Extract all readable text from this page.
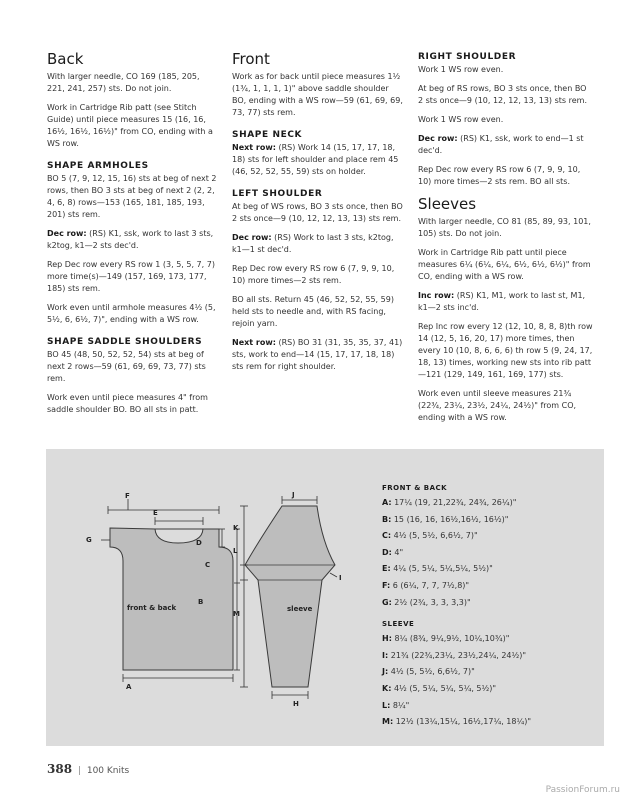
Back

With larger needle, CO 169 (185, 205, 221, 241, 257) sts. Do not join.

Work in Cartridge Rib patt (see Stitch Guide) until piece measures 15 (16, 16, 16½, 16½, 16½)" from CO, ending with a WS row.

SHAPE ARMHOLES

BO 5 (7, 9, 12, 15, 16) sts at beg of next 2 rows, then BO 3 sts at beg of next 2 (2, 2, 4, 6, 8) rows—153 (165, 181, 185, 193, 201) sts rem.

Dec row: (RS) K1, ssk, work to last 3 sts, k2tog, k1—2 sts dec'd.

Rep Dec row every RS row 1 (3, 5, 5, 7, 7) more time(s)—149 (157, 169, 173, 177, 185) sts rem.

Work even until armhole measures 4½ (5, 5½, 6, 6½, 7)", ending with a WS row.

SHAPE SADDLE SHOULDERS

BO 45 (48, 50, 52, 52, 54) sts at beg of next 2 rows—59 (61, 69, 69, 73, 77) sts rem.

Work even until piece measures 4" from saddle shoulder BO. BO all sts in patt.

Front

Work as for back until piece measures 1½ (1¾, 1, 1, 1, 1)" above saddle shoulder BO, ending with a WS row—59 (61, 69, 69, 73, 77) sts rem.

SHAPE NECK

Next row: (RS) Work 14 (15, 17, 17, 18, 18) sts for left shoulder and place rem 45 (46, 52, 52, 55, 59) sts on holder.

LEFT SHOULDER

At beg of WS rows, BO 3 sts once, then BO 2 sts once—9 (10, 12, 12, 13, 13) sts rem.

Dec row: (RS) Work to last 3 sts, k2tog, k1—1 st dec'd.

Rep Dec row every RS row 6 (7, 9, 9, 10, 10) more times—2 sts rem.

BO all sts. Return 45 (46, 52, 52, 55, 59) held sts to needle and, with RS facing, rejoin yarn.

Next row: (RS) BO 31 (31, 35, 35, 37, 41) sts, work to end—14 (15, 17, 17, 18, 18) sts rem for right shoulder.

RIGHT SHOULDER

Work 1 WS row even.

At beg of RS rows, BO 3 sts once, then BO 2 sts once—9 (10, 12, 12, 13, 13) sts rem.

Work 1 WS row even.

Dec row: (RS) K1, ssk, work to end—1 st dec'd.

Rep Dec row every RS row 6 (7, 9, 9, 10, 10) more times—2 sts rem. BO all sts.

Sleeves

With larger needle, CO 81 (85, 89, 93, 101, 105) sts. Do not join.

Work in Cartridge Rib patt until piece measures 6¼ (6¼, 6¼, 6½, 6½, 6½)" from CO, ending with a WS row.

Inc row: (RS) K1, M1, work to last st, M1, k1—2 sts inc'd.

Rep Inc row every 12 (12, 10, 8, 8, 8)th row 14 (12, 5, 16, 20, 17) more times, then every 10 (10, 8, 6, 6, 6) th row 5 (9, 24, 17, 18, 13) times, working new sts into rib patt—121 (129, 149, 161, 169, 177) sts.

Work even until sleeve measures 21¾ (22¾, 23¼, 23½, 24¼, 24½)" from CO, ending with a WS row.

front & back
F
E
G	D
C
B
A
sleeve
J
K
L
M
I
H
FRONT & BACK
A: 17¼ (19, 21,22¾, 24¾, 26¼)"
B: 15 (16, 16, 16½,16½, 16½)"
C: 4½ (5, 5½, 6,6½, 7)"
D: 4"
E: 4¼ (5, 5¼, 5¼,5¼, 5½)"
F: 6 (6¼, 7, 7, 7½,8)"
G: 2½ (2¾, 3, 3, 3,3)"
SLEEVE
H: 8¼ (8¾, 9¼,9½, 10¼,10¾)"
I: 21¾ (22¾,23¼, 23½,24¼, 24½)"
J: 4½ (5, 5½, 6,6½, 7)"
K: 4½ (5, 5¼, 5¼, 5¼, 5½)"
L: 8¼"
M: 12½ (13¼,15¼, 16½,17¼, 18¼)"
388 | 100 Knits
PassionForum.ru
